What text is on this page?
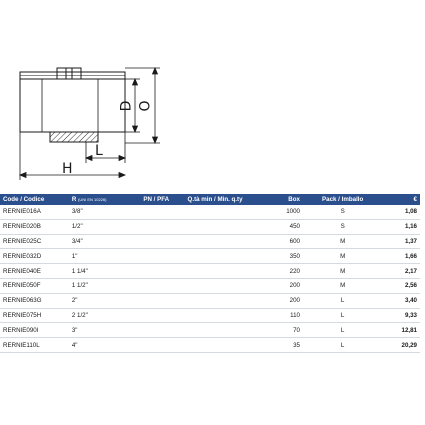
D O
L
H
Code / Codice	R (UNI EN 10226)	PN / PFA	Q.tà min / Min. q.ty	Box	Pack / Imballo	€
RERNIE016A	3/8"			1000	S	1,08
RERNIE020B	1/2"			450	S	1,16
RERNIE025C	3/4"			600	M	1,37
RERNIE032D	1"			350	M	1,66
RERNIE040E	1 1/4"			220	M	2,17
RERNIE050F	1 1/2"			200	M	2,56
RERNIE063G	2"			200	L	3,40
RERNIE075H	2 1/2"			110	L	9,33
RERNIE090I	3"			70	L	12,81
RERNIE110L	4"			35	L	20,29
